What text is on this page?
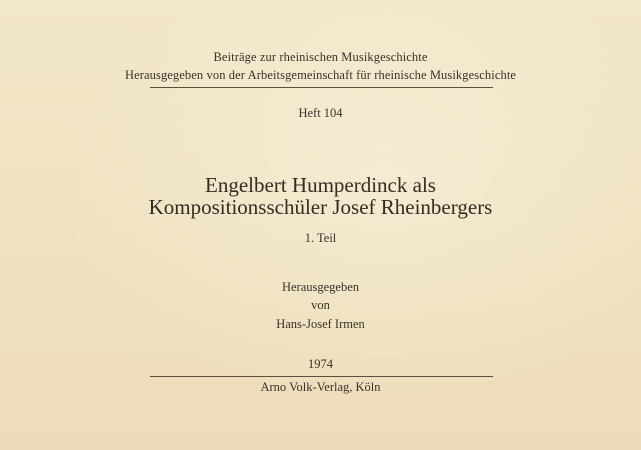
Beiträge zur rheinischen Musikgeschichte
Herausgegeben von der Arbeitsgemeinschaft für rheinische Musikgeschichte
Heft 104
Engelbert Humperdinck als
Kompositionsschüler Josef Rheinbergers
1. Teil
Herausgegeben
von
Hans-Josef Irmen
1974
Arno Volk-Verlag, Köln
